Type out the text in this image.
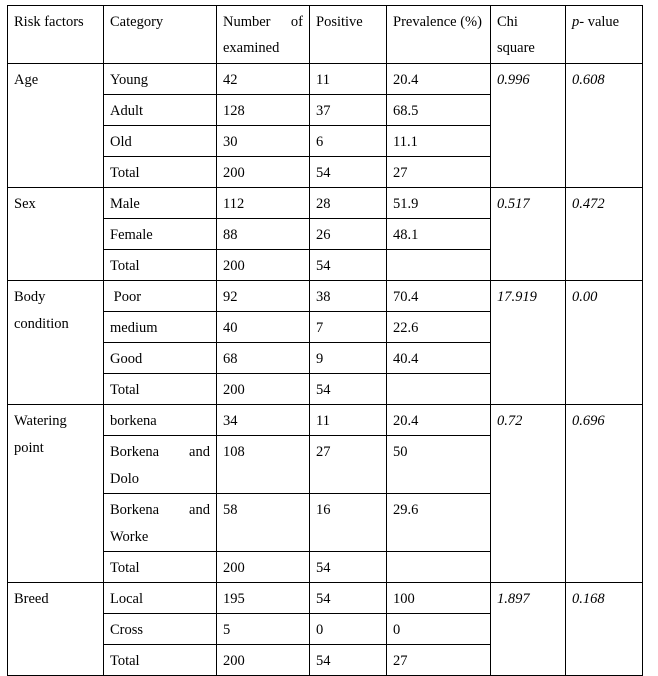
Risk factors	Category	Number of examined	Positive	Prevalence (%)	Chi square	p- value
Age	Young	42	11	20.4	0.996	0.608
	Adult	128	37	68.5		
	Old	30	6	11.1		
	Total	200	54	27		
Sex	Male	112	28	51.9	0.517	0.472
	Female	88	26	48.1		
	Total	200	54			
Body condition	Poor	92	38	70.4	17.919	0.00
	medium	40	7	22.6		
	Good	68	9	40.4		
	Total	200	54			
Watering point	borkena	34	11	20.4	0.72	0.696
	Borkena and Dolo	108	27	50		
	Borkena and Worke	58	16	29.6		
	Total	200	54			
Breed	Local	195	54	100	1.897	0.168
	Cross	5	0	0		
	Total	200	54	27		
